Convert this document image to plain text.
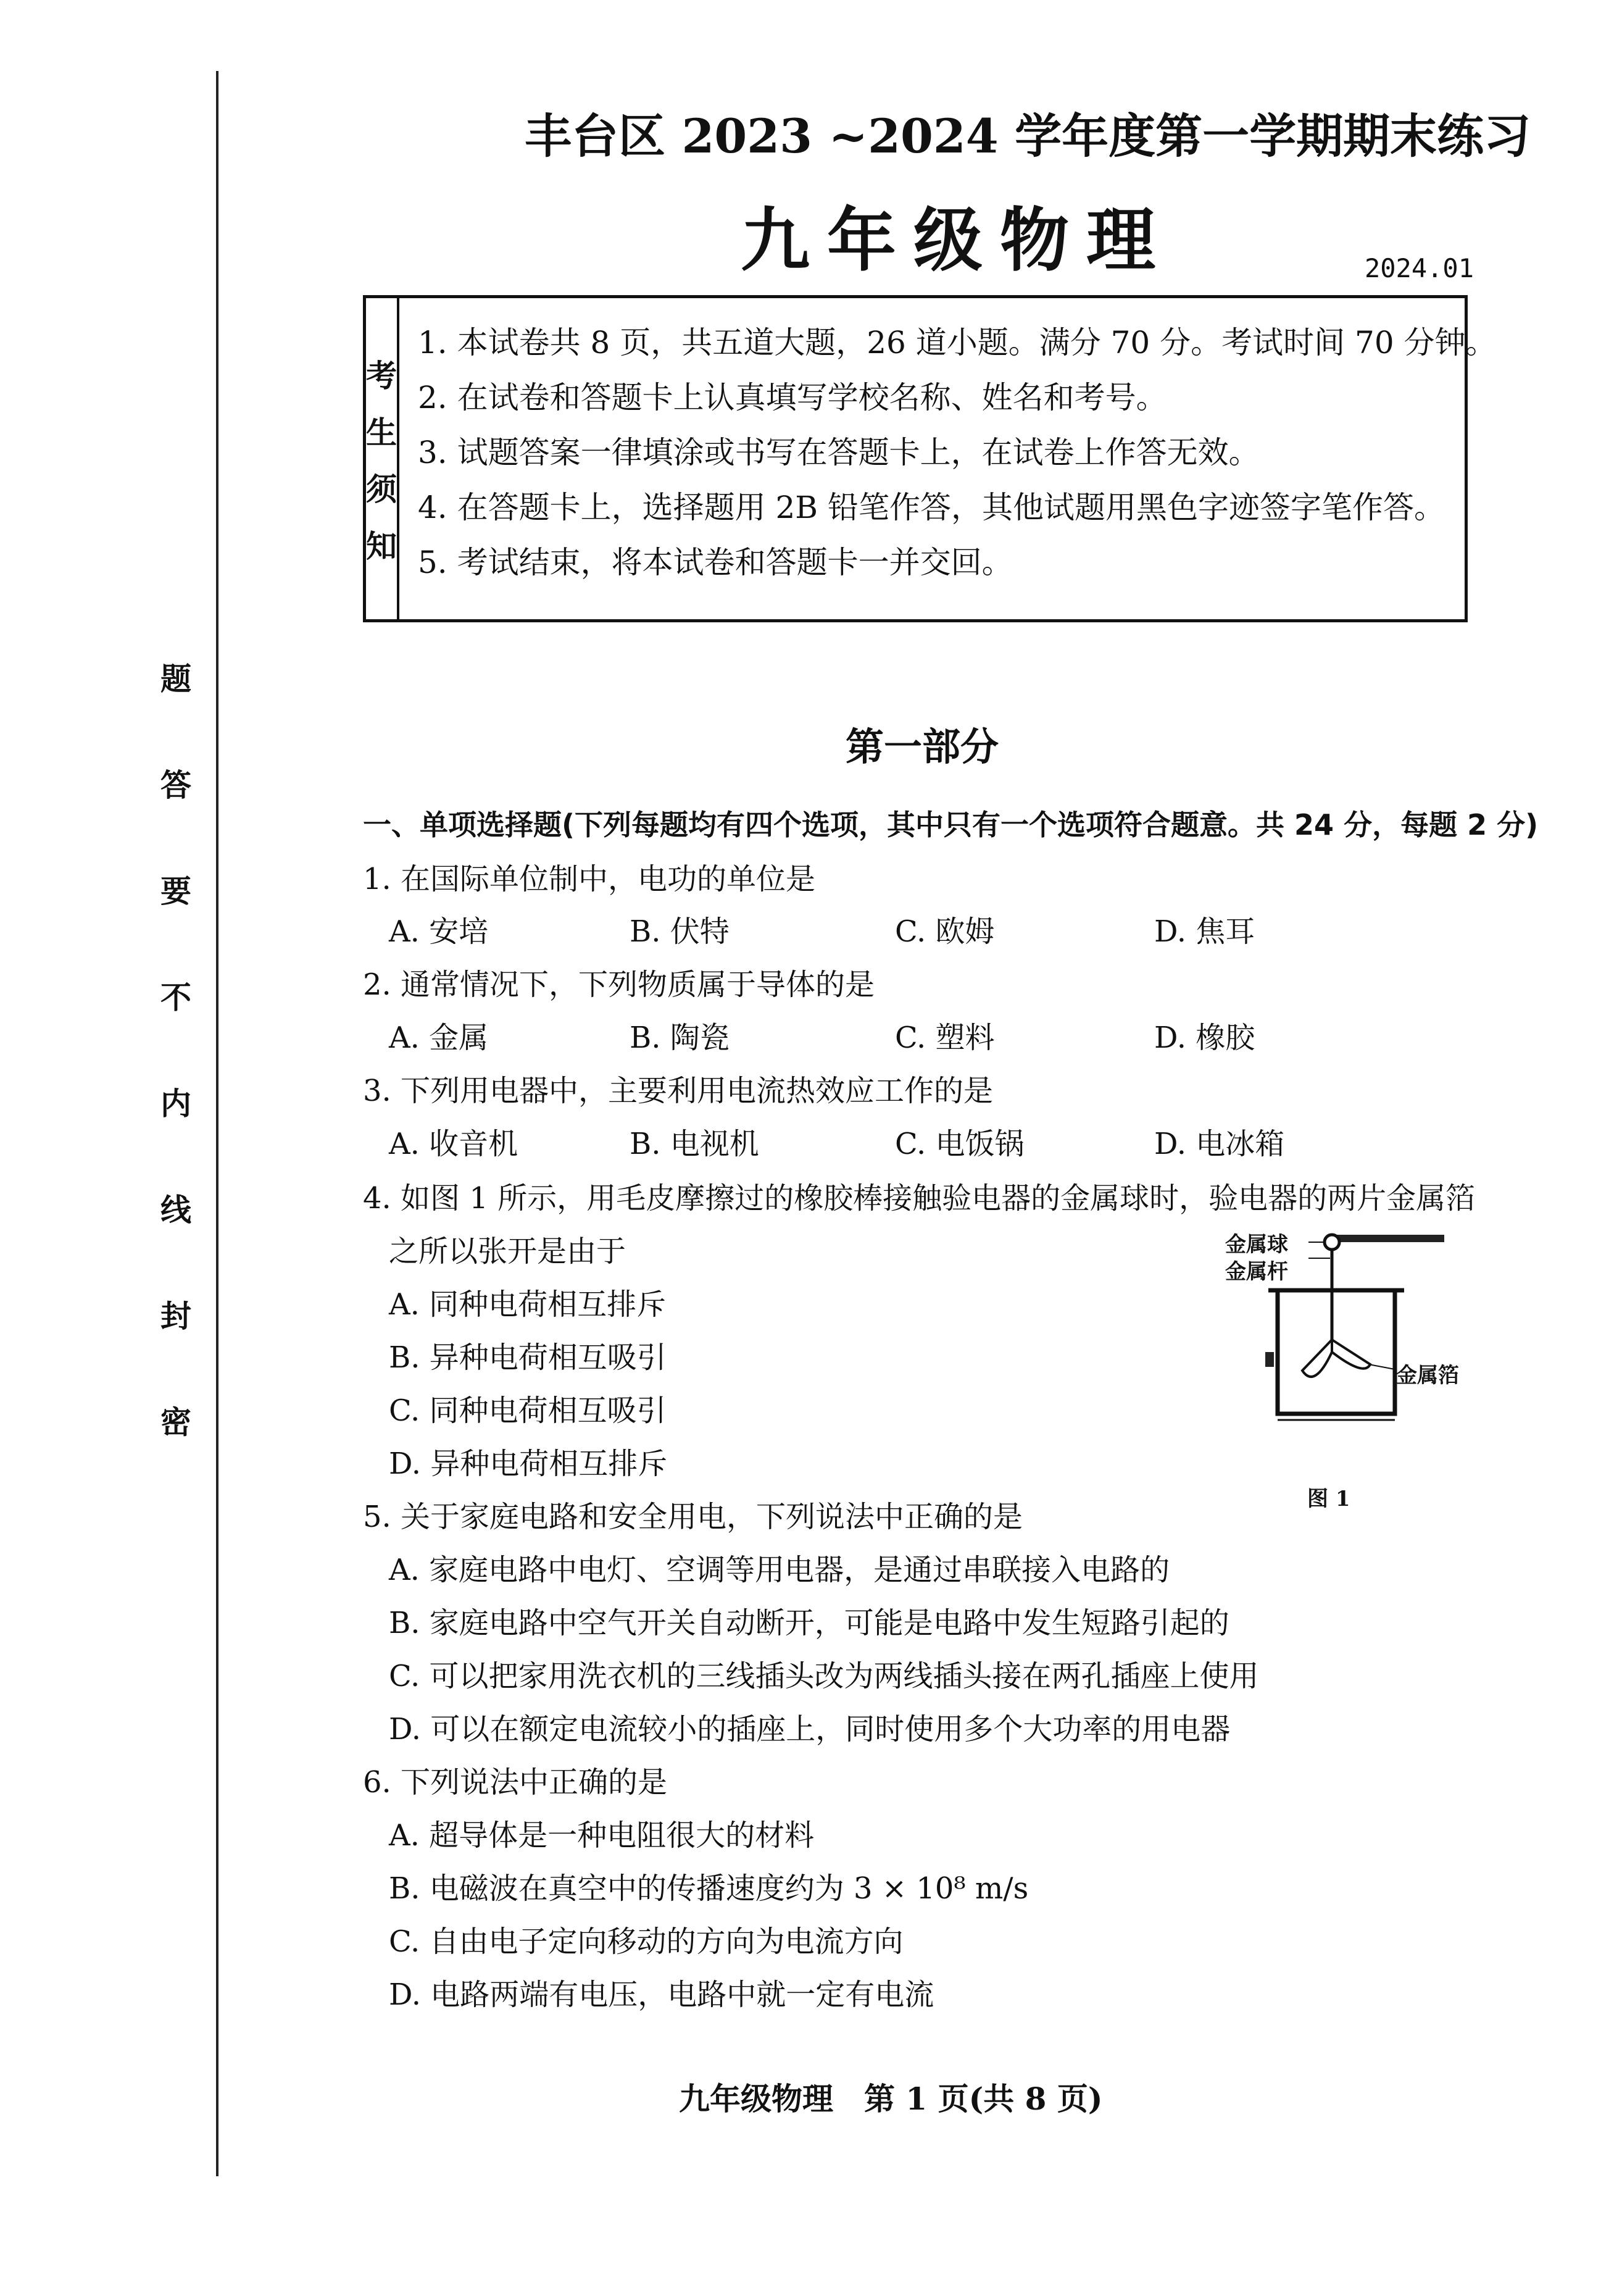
题
答
要
不
内
线
封
密
丰台区 2023 ~2024 学年度第一学期期末练习
九年级物理	2024.01
考
生
须
知
1. 本试卷共 8 页，共五道大题，26 道小题。满分 70 分。考试时间 70 分钟。
2. 在试卷和答题卡上认真填写学校名称、姓名和考号。
3. 试题答案一律填涂或书写在答题卡上，在试卷上作答无效。
4. 在答题卡上，选择题用 2B 铅笔作答，其他试题用黑色字迹签字笔作答。
5. 考试结束，将本试卷和答题卡一并交回。
第一部分
一、单项选择题(下列每题均有四个选项，其中只有一个选项符合题意。共 24 分，每题 2 分)
1. 在国际单位制中，电功的单位是
A. 安培	B. 伏特	C. 欧姆	D. 焦耳
2. 通常情况下，下列物质属于导体的是
A. 金属	B. 陶瓷	C. 塑料	D. 橡胶
3. 下列用电器中，主要利用电流热效应工作的是
A. 收音机	B. 电视机	C. 电饭锅	D. 电冰箱
4. 如图 1 所示，用毛皮摩擦过的橡胶棒接触验电器的金属球时，验电器的两片金属箔
之所以张开是由于
A. 同种电荷相互排斥
B. 异种电荷相互吸引
C. 同种电荷相互吸引
D. 异种电荷相互排斥
金属球
金属杆
金属箔
图 1
5. 关于家庭电路和安全用电，下列说法中正确的是
A. 家庭电路中电灯、空调等用电器，是通过串联接入电路的
B. 家庭电路中空气开关自动断开，可能是电路中发生短路引起的
C. 可以把家用洗衣机的三线插头改为两线插头接在两孔插座上使用
D. 可以在额定电流较小的插座上，同时使用多个大功率的用电器
6. 下列说法中正确的是
A. 超导体是一种电阻很大的材料
B. 电磁波在真空中的传播速度约为 3 × 10⁸ m/s
C. 自由电子定向移动的方向为电流方向
D. 电路两端有电压，电路中就一定有电流
九年级物理　第 1 页(共 8 页)
